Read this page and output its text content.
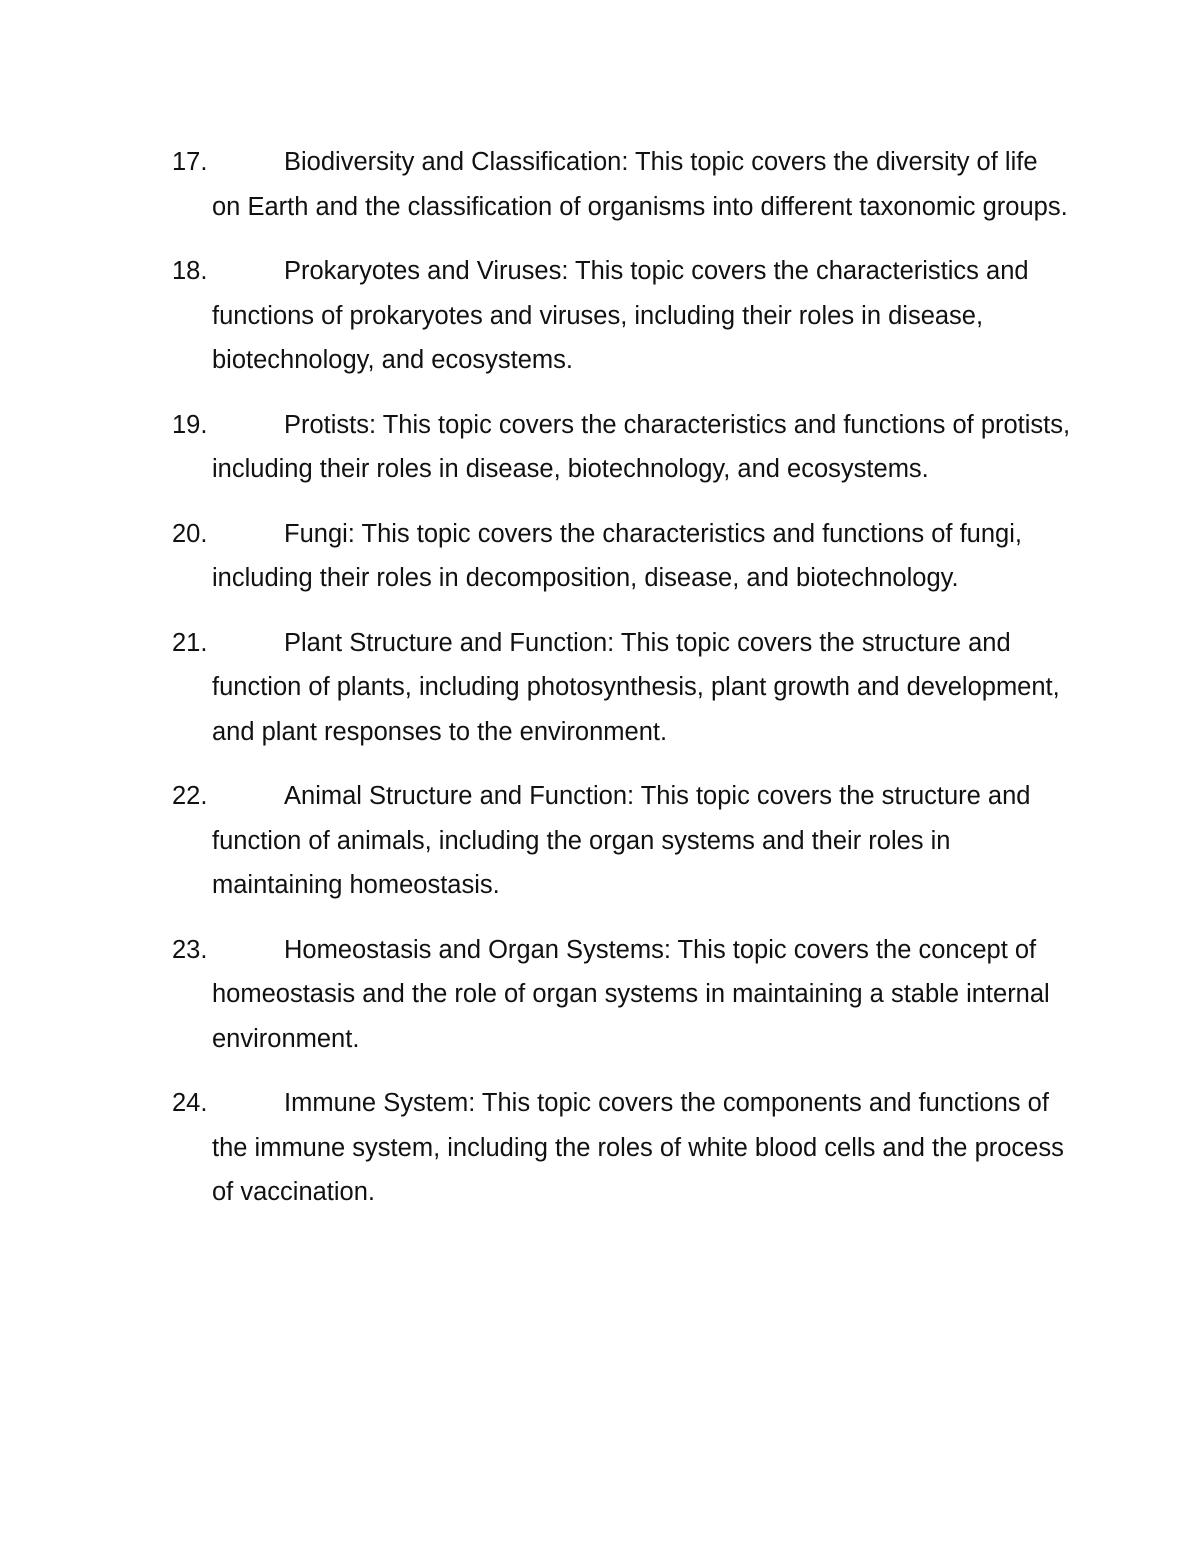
17.	Biodiversity and Classification: This topic covers the diversity of life on Earth and the classification of organisms into different taxonomic groups.
18.	Prokaryotes and Viruses: This topic covers the characteristics and functions of prokaryotes and viruses, including their roles in disease, biotechnology, and ecosystems.
19.	Protists: This topic covers the characteristics and functions of protists, including their roles in disease, biotechnology, and ecosystems.
20.	Fungi: This topic covers the characteristics and functions of fungi, including their roles in decomposition, disease, and biotechnology.
21.	Plant Structure and Function: This topic covers the structure and function of plants, including photosynthesis, plant growth and development, and plant responses to the environment.
22.	Animal Structure and Function: This topic covers the structure and function of animals, including the organ systems and their roles in maintaining homeostasis.
23.	Homeostasis and Organ Systems: This topic covers the concept of homeostasis and the role of organ systems in maintaining a stable internal environment.
24.	Immune System: This topic covers the components and functions of the immune system, including the roles of white blood cells and the process of vaccination.
